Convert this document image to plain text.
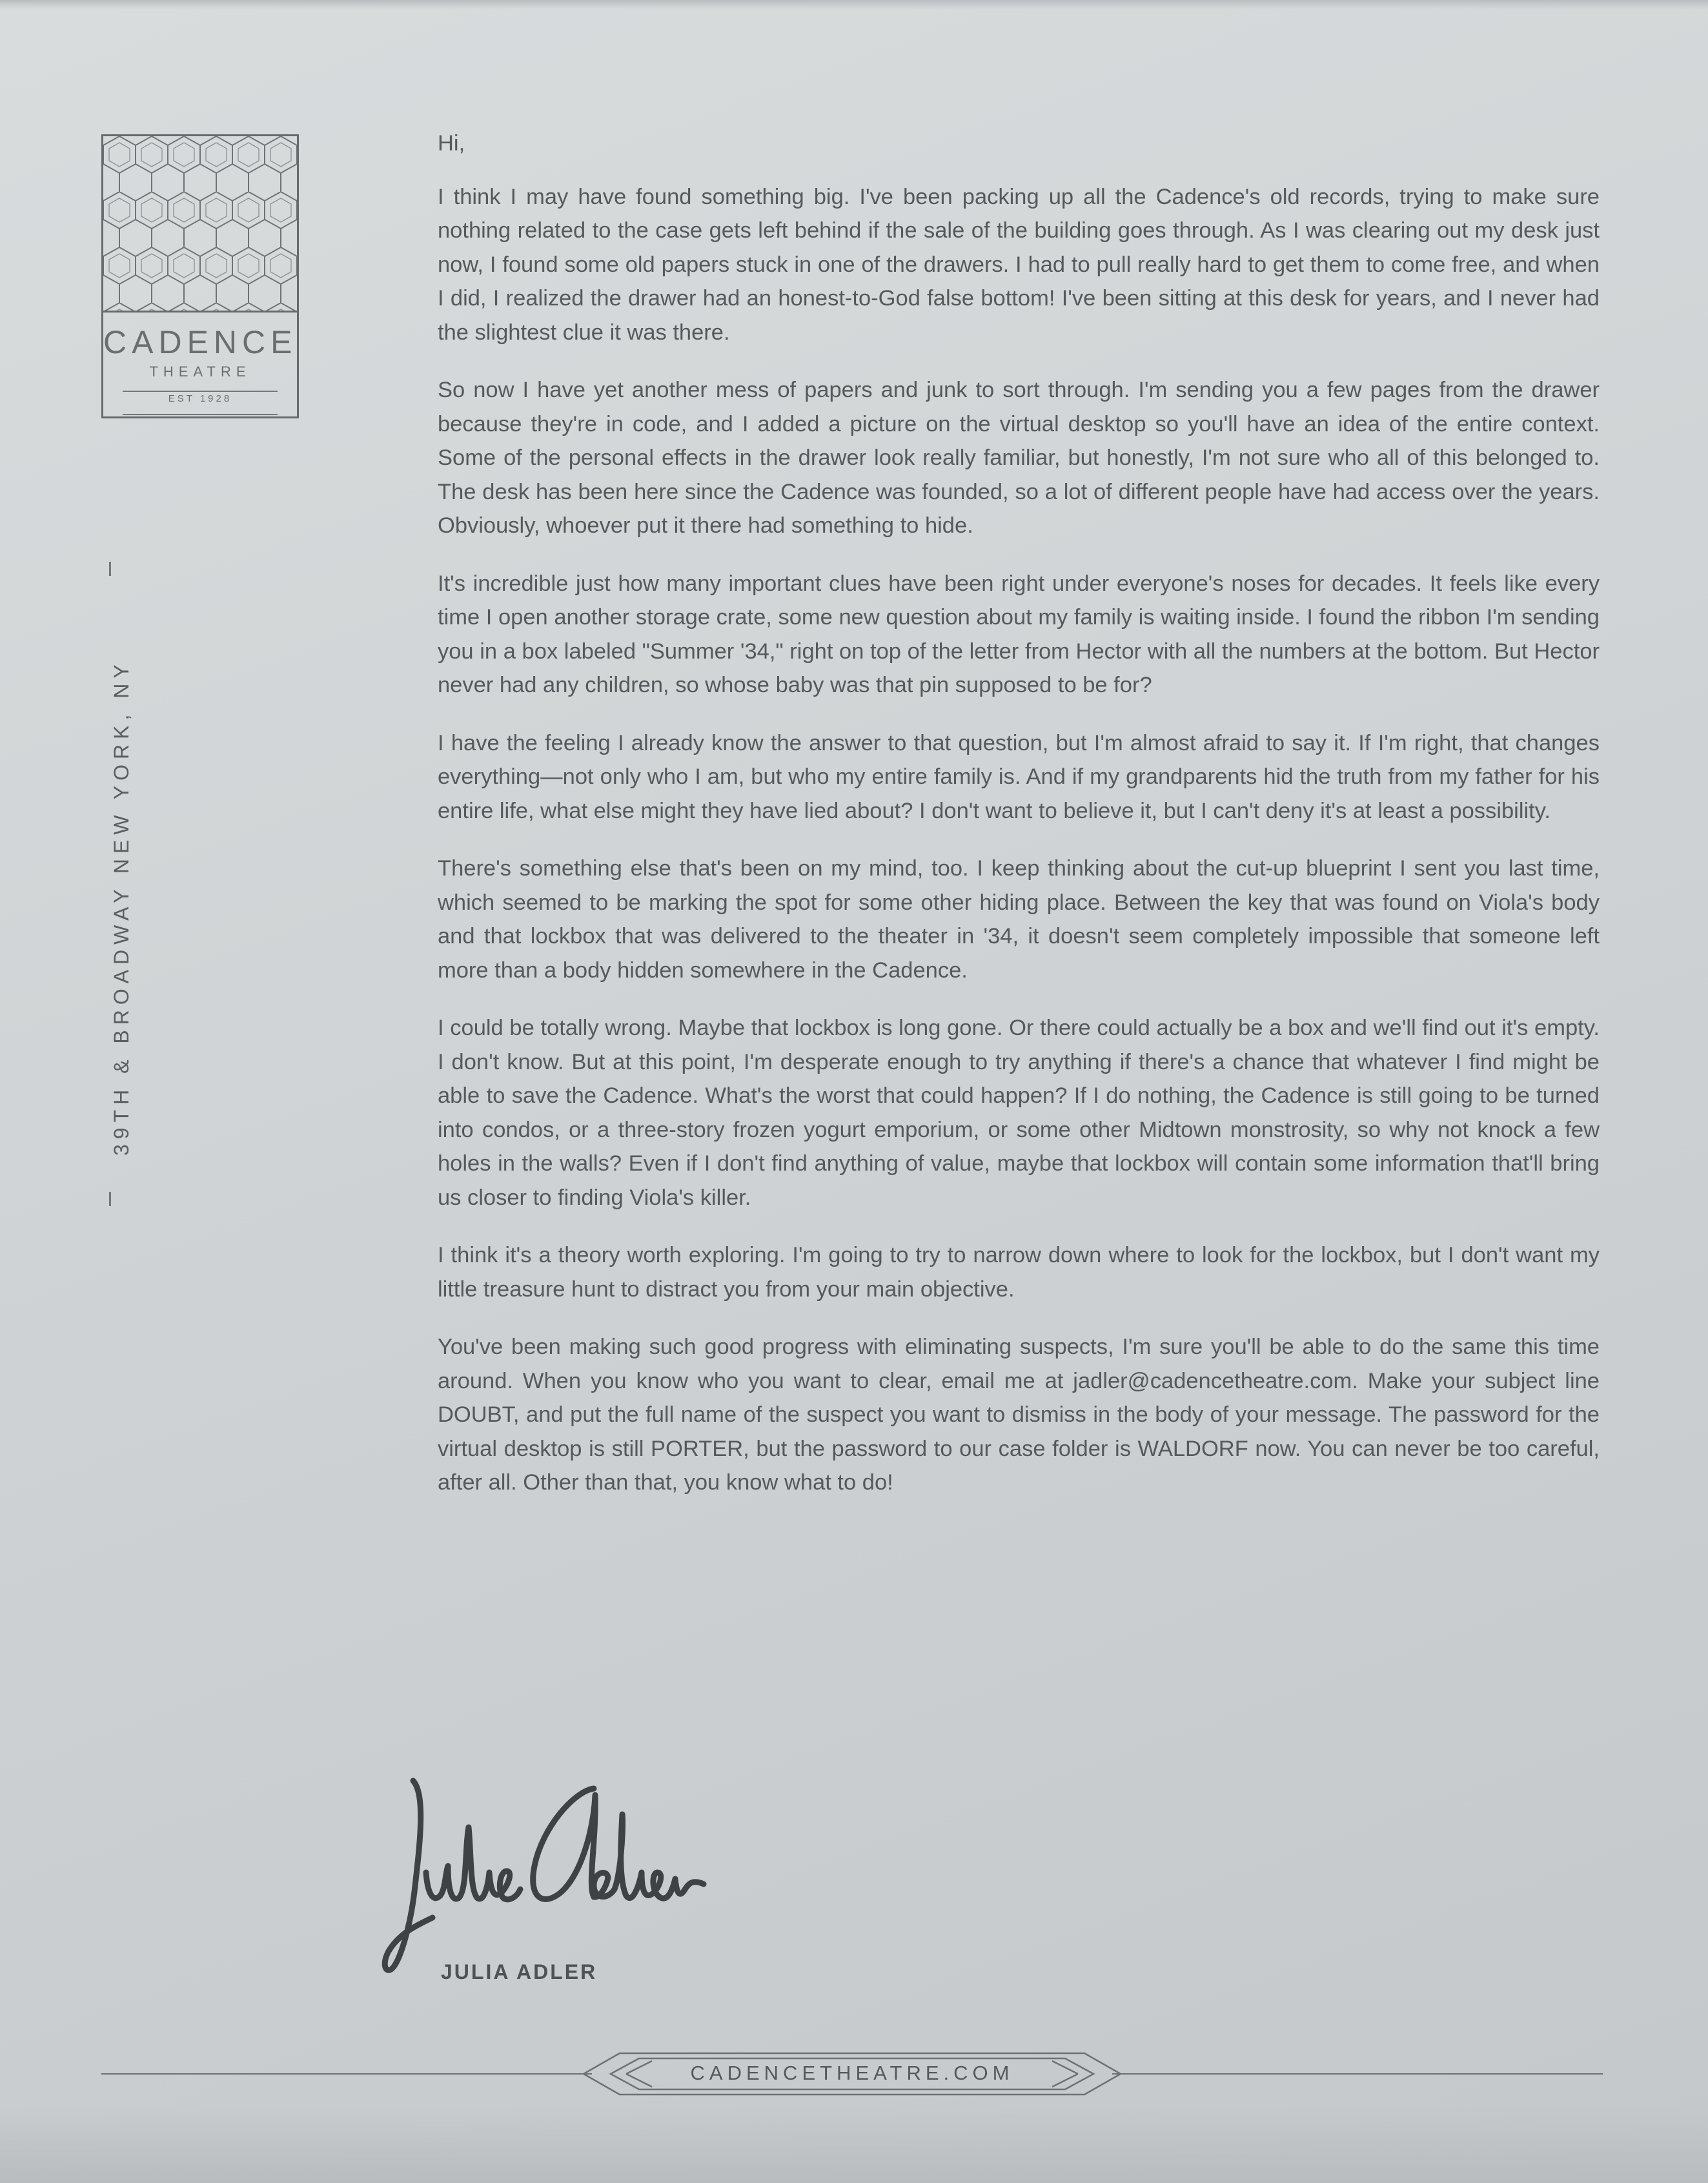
CADENCE
THEATRE
EST 1928
39TH & BROADWAY NEW YORK, NY

Hi,

I think I may have found something big. I've been packing up all the Cadence's old records, trying to make sure nothing related to the case gets left behind if the sale of the building goes through. As I was clearing out my desk just now, I found some old papers stuck in one of the drawers. I had to pull really hard to get them to come free, and when I did, I realized the drawer had an honest-to-God false bottom! I've been sitting at this desk for years, and I never had the slightest clue it was there.

So now I have yet another mess of papers and junk to sort through. I'm sending you a few pages from the drawer because they're in code, and I added a picture on the virtual desktop so you'll have an idea of the entire context. Some of the personal effects in the drawer look really familiar, but honestly, I'm not sure who all of this belonged to. The desk has been here since the Cadence was founded, so a lot of different people have had access over the years. Obviously, whoever put it there had something to hide.

It's incredible just how many important clues have been right under everyone's noses for decades. It feels like every time I open another storage crate, some new question about my family is waiting inside. I found the ribbon I'm sending you in a box labeled "Summer '34," right on top of the letter from Hector with all the numbers at the bottom. But Hector never had any children, so whose baby was that pin supposed to be for?

I have the feeling I already know the answer to that question, but I'm almost afraid to say it. If I'm right, that changes everything—not only who I am, but who my entire family is. And if my grandparents hid the truth from my father for his entire life, what else might they have lied about? I don't want to believe it, but I can't deny it's at least a possibility.

There's something else that's been on my mind, too. I keep thinking about the cut-up blueprint I sent you last time, which seemed to be marking the spot for some other hiding place. Between the key that was found on Viola's body and that lockbox that was delivered to the theater in '34, it doesn't seem completely impossible that someone left more than a body hidden somewhere in the Cadence.

I could be totally wrong. Maybe that lockbox is long gone. Or there could actually be a box and we'll find out it's empty. I don't know. But at this point, I'm desperate enough to try anything if there's a chance that whatever I find might be able to save the Cadence. What's the worst that could happen? If I do nothing, the Cadence is still going to be turned into condos, or a three-story frozen yogurt emporium, or some other Midtown monstrosity, so why not knock a few holes in the walls? Even if I don't find anything of value, maybe that lockbox will contain some information that'll bring us closer to finding Viola's killer.

I think it's a theory worth exploring. I'm going to try to narrow down where to look for the lockbox, but I don't want my little treasure hunt to distract you from your main objective.

You've been making such good progress with eliminating suspects, I'm sure you'll be able to do the same this time around. When you know who you want to clear, email me at jadler@cadencetheatre.com. Make your subject line DOUBT, and put the full name of the suspect you want to dismiss in the body of your message. The password for the virtual desktop is still PORTER, but the password to our case folder is WALDORF now. You can never be too careful, after all. Other than that, you know what to do!

JULIA ADLER
CADENCETHEATRE.COM
